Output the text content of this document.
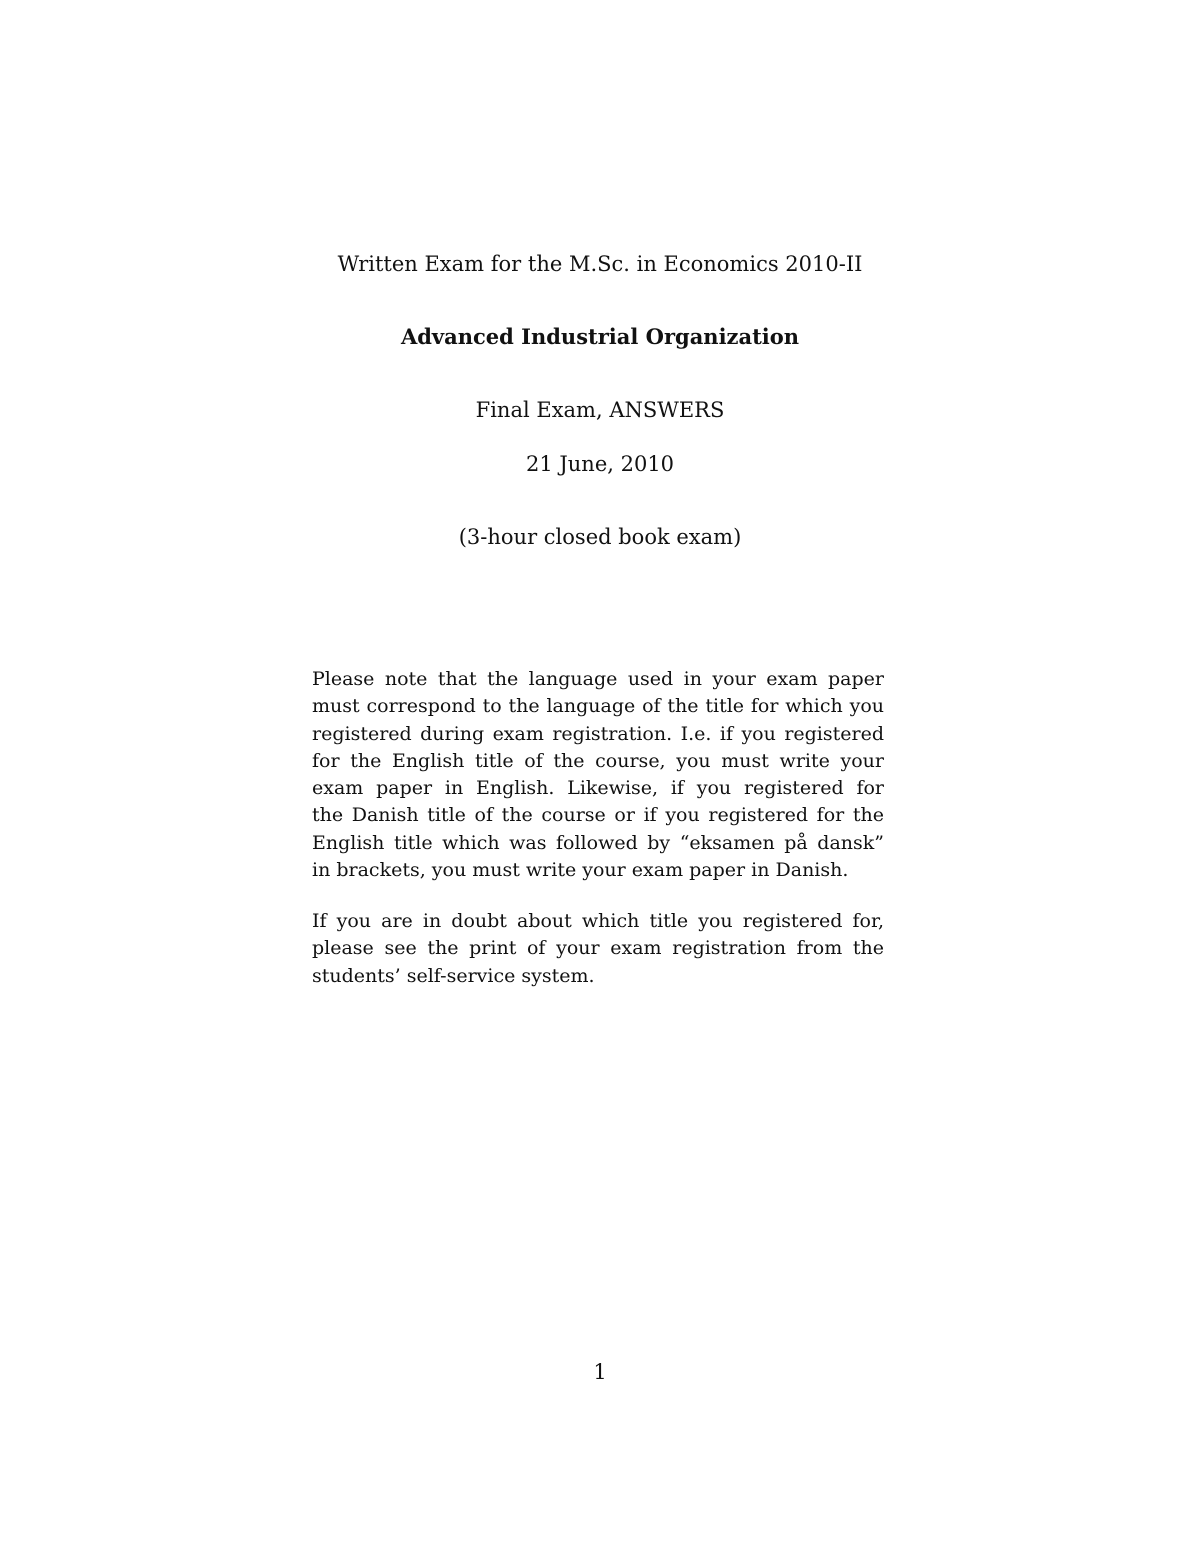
Written Exam for the M.Sc. in Economics 2010-II
Advanced Industrial Organization
Final Exam, ANSWERS
21 June, 2010
(3-hour closed book exam)
Please note that the language used in your exam paper
must correspond to the language of the title for which you
registered during exam registration. I.e. if you registered
for the English title of the course, you must write your
exam paper in English. Likewise, if you registered for
the Danish title of the course or if you registered for the
English title which was followed by “eksamen på dansk”
in brackets, you must write your exam paper in Danish.
If you are in doubt about which title you registered for,
please see the print of your exam registration from the
students’ self-service system.
1
